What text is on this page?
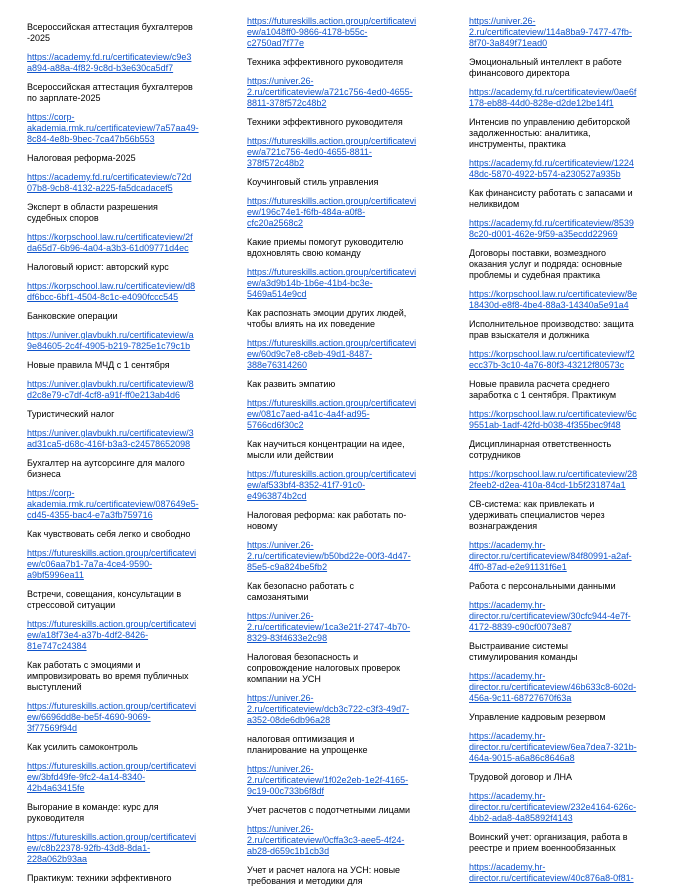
Всероссийская аттестация бухгалтеров
-2025
https://academy.fd.ru/certificateview/c9e3
a894-a88a-4f82-9c8d-b3e630ca5df7
Всероссийская аттестация бухгалтеров
по зарплате-2025
https://corp-
akademia.rmk.ru/certificateview/7a57aa49-
8c84-4e8b-9bec-7ca47b56b553
Налоговая реформа-2025
https://academy.fd.ru/certificateview/c72d
07b8-9cb8-4132-a225-fa5dcadacef5
Эксперт в области разрешения
судебных споров
https://korpschool.law.ru/certificateview/2f
da65d7-6b96-4a04-a3b3-61d09771d4ec
Налоговый юрист: авторский курс
https://korpschool.law.ru/certificateview/d8
df6bcc-6bf1-4504-8c1c-e4090fccc545
Банковские операции
https://univer.glavbukh.ru/certificateview/a
9e84605-2c4f-4905-b219-7825e1c79c1b
Новые правила МЧД с 1 сентября
https://univer.glavbukh.ru/certificateview/8
d2c8e79-c7df-4cf8-a91f-ff0e213ab4d6
Туристический налог
https://univer.glavbukh.ru/certificateview/3
ad31ca5-d68c-416f-b3a3-c24578652098
Бухгалтер на аутсорсинге для малого
бизнеса
https://corp-
akademia.rmk.ru/certificateview/087649e5-
cd45-4355-bac4-e7a3fb759716
Как чувствовать себя легко и свободно
https://futureskills.action.group/certificatevi
ew/c06aa7b1-7a7a-4ce4-9590-
a9bf5996ea11
Встречи, совещания, консультации в
стрессовой ситуации
https://futureskills.action.group/certificatevi
ew/a18f73e4-a37b-4df2-8426-
81e747c24384
Как работать с эмоциями и
импровизировать во время публичных
выступлений
https://futureskills.action.group/certificatevi
ew/6696dd8e-be5f-4690-9069-
3f77569f94d
Как усилить самоконтроль
https://futureskills.action.group/certificatevi
ew/3bfd49fe-9fc2-4a14-8340-
42b4a63415fe
Выгорание в команде: курс для
руководителя
https://futureskills.action.group/certificatevi
ew/c8b22378-92fb-43d8-8da1-
228a062b93aa
Практикум: техники эффективного
https://futureskills.action.group/certificatevi
ew/a1048ff0-9866-4178-b55c-
c2750ad7f77e
Техника эффективного руководителя
https://univer.26-
2.ru/certificateview/a721c756-4ed0-4655-
8811-378f572c48b2
Техники эффективного руководителя
https://futureskills.action.group/certificatevi
ew/a721c756-4ed0-4655-8811-
378f572c48b2
Коучинговый стиль управления
https://futureskills.action.group/certificatevi
ew/196c74e1-f6fb-484a-a0f8-
cfc20a2568c2
Какие приемы помогут руководителю
вдохновлять свою команду
https://futureskills.action.group/certificatevi
ew/a3d9b14b-1b6e-41b4-bc3e-
5469a514e9cd
Как распознать эмоции других людей,
чтобы влиять на их поведение
https://futureskills.action.group/certificatevi
ew/60d9c7e8-c8eb-49d1-8487-
388e76314260
Как развить эмпатию
https://futureskills.action.group/certificatevi
ew/081c7aed-a41c-4a4f-ad95-
5766cd6f30c2
Как научиться концентрации на идее,
мысли или действии
https://futureskills.action.group/certificatevi
ew/af533bf4-8352-41f7-91c0-
e4963874b2cd
Налоговая реформа: как работать по-
новому
https://univer.26-
2.ru/certificateview/b50bd22e-00f3-4d47-
85e5-c9a824be5fb2
Как безопасно работать с
самозанятыми
https://univer.26-
2.ru/certificateview/1ca3e21f-2747-4b70-
8329-83f4633e2c98
Налоговая безопасность и
сопровождение налоговых проверок
компании на УСН
https://univer.26-
2.ru/certificateview/dcb3c722-c3f3-49d7-
a352-08de6db96a28
налоговая оптимизация и
планирование на упрощенке
https://univer.26-
2.ru/certificateview/1f02e2eb-1e2f-4165-
9c19-00c733b6f8df
Учет расчетов с подотчетными лицами
https://univer.26-
2.ru/certificateview/0cffa3c3-aee5-4f24-
ab28-d659c1b1cb3d
Учет и расчет налога на УСН: новые
требования и методики для
https://univer.26-
2.ru/certificateview/114a8ba9-7477-47fb-
8f70-3a849f71ead0
Эмоциональный интеллект в работе
финансового директора
https://academy.fd.ru/certificateview/0ae6f
178-eb88-44d0-828e-d2de12be14f1
Интенсив по управлению дебиторской
задолженностью: аналитика,
инструменты, практика
https://academy.fd.ru/certificateview/1224
48dc-5870-4922-b574-a230527a935b
Как финансисту работать с запасами и
неликвидом
https://academy.fd.ru/certificateview/8539
8c20-d001-462e-9f59-a35ecdd22969
Договоры поставки, возмездного
оказания услуг и подряда: основные
проблемы и судебная практика
https://korpschool.law.ru/certificateview/8e
18430d-e8f8-4be4-88a3-14340a5e91a4
Исполнительное производство: защита
прав взыскателя и должника
https://korpschool.law.ru/certificateview/f2
ecc37b-3c10-4a76-80f3-43212f80573c
Новые правила расчета среднего
заработка с 1 сентября. Практикум
https://korpschool.law.ru/certificateview/6c
9551ab-1adf-42fd-b038-4f355bec9f48
Дисциплинарная ответственность
сотрудников
https://korpschool.law.ru/certificateview/28
2feeb2-d2ea-410a-84cd-1b5f231874a1
СВ-система: как привлекать и
удерживать специалистов через
вознаграждения
https://academy.hr-
director.ru/certificateview/84f80991-a2af-
4ff0-87ad-e2e91131f6e1
Работа с персональными данными
https://academy.hr-
director.ru/certificateview/30cfc944-4e7f-
4172-8839-c90cf0073e87
Выстраивание системы
стимулирования команды
https://academy.hr-
director.ru/certificateview/46b633c8-602d-
456a-9c11-68727670f63a
Управление кадровым резервом
https://academy.hr-
director.ru/certificateview/6ea7dea7-321b-
464a-9015-a6a86c8646a8
Трудовой договор и ЛНА
https://academy.hr-
director.ru/certificateview/232e4164-626c-
4bb2-ada8-4a85892f4143
Воинский учет: организация, работа в
реестре и прием военнообязанных
https://academy.hr-
director.ru/certificateview/40c876a8-0f81-
